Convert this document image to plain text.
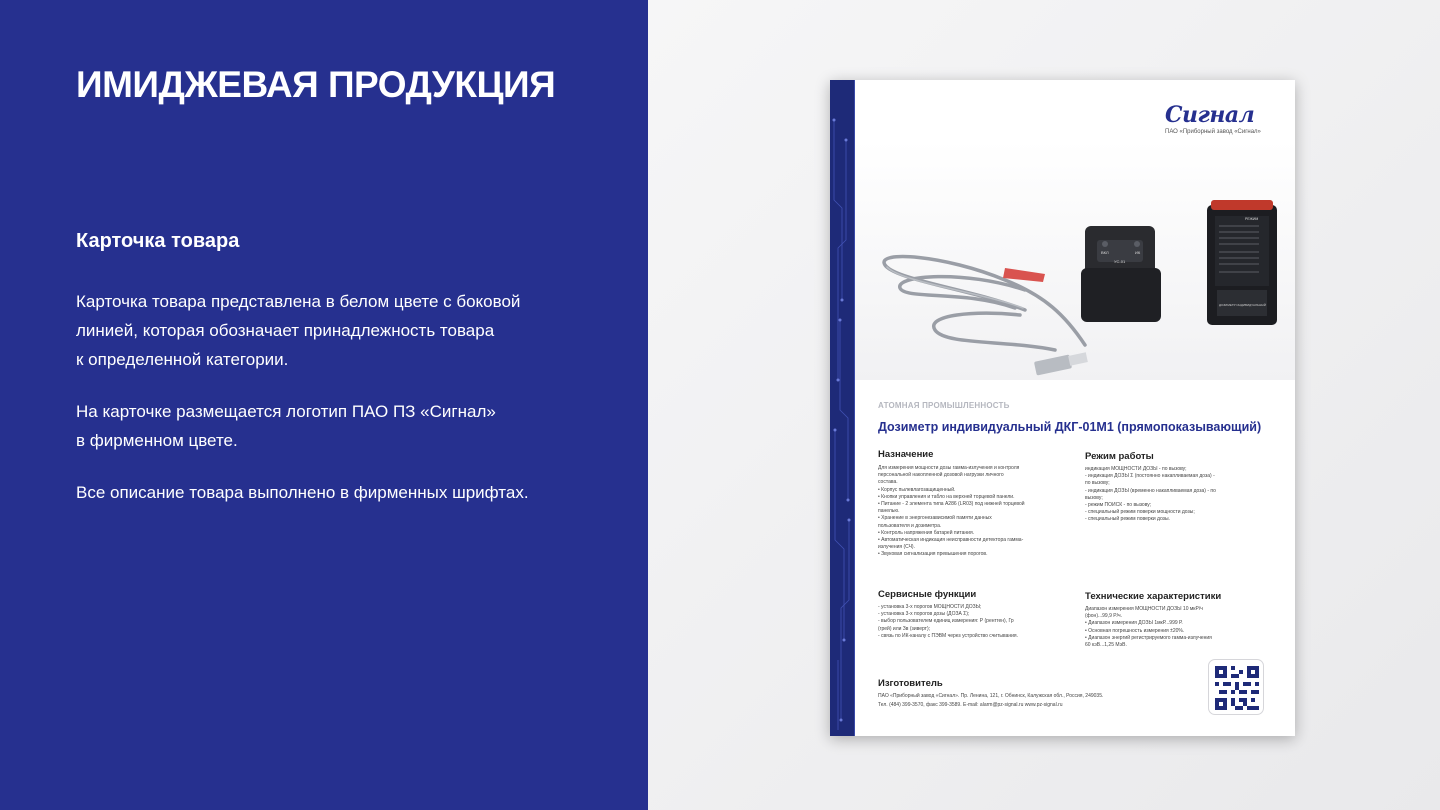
ИМИДЖЕВАЯ ПРОДУКЦИЯ
Карточка товара
Карточка товара представлена в белом цвете с боковой
линией, которая обозначает принадлежность товара
к определенной категории.
На карточке размещается логотип ПАО ПЗ «Сигнал»
в фирменном цвете.
Все описание товара выполнено в фирменных шрифтах.
Сигнал
ПАО «Приборный завод «Сигнал»
ВКЛ	ИК
УС-01
РЕЖИМ
ДОЗИМЕТР ИНДИВИДУАЛЬНЫЙ
АТОМНАЯ ПРОМЫШЛЕННОСТЬ
Дозиметр индивидуальный ДКГ-01М1 (прямопоказывающий)
Назначение
Для измерения мощности дозы гамма-излучения и контроля
персональной накопленной дозовой нагрузки личного
состава.
• Корпус пылевлагозащищенный.
• Кнопки управления и табло на верхней торцевой панели.
• Питание - 2 элемента типа A286 (LR03) под нижней торцевой
панелью.
• Хранение в энергонезависимой памяти данных
пользователя и дозиметра.
• Контроль напряжения батарей питания.
• Автоматическая индикация неисправности детектора гамма-
излучения (СЧ).
• Звуковая сигнализация превышения порогов.
Режим работы
индикация МОЩНОСТИ ДОЗЫ - по вызову;
- индикация ДОЗЫ Σ (постоянно накапливаемая доза) -
по вызову;
- индикация ДОЗЫ (временно накапливаемая доза) - по
вызову;
- режим ПОИСК - по вызову;
- специальный режим поверки мощности дозы;
- специальный режим поверки дозы.
Сервисные функции
- установка 3-х порогов МОЩНОСТИ ДОЗЫ;
- установка 3-х порогов дозы (ДОЗА Σ);
- выбор пользователем единиц измерения: Р (рентген), Гр
(грей) или Зв (зиверт);
- связь по ИК-каналу с ПЭВМ через устройство считывания.
Технические характеристики
Диапазон измерения МОЩНОСТИ ДОЗЫ 10 мкР/ч
(фон)...99,9 Р/ч.
• Диапазон измерения ДОЗЫ 1мкР...999 Р.
• Основная погрешность измерения ±20%.
• Диапазон энергий регистрируемого гамма-излучения
60 кэВ...1,25 МэВ.
Изготовитель
ПАО «Приборный завод «Сигнал». Пр. Ленина, 121, г. Обнинск, Калужская обл., Россия, 249035.
Тел. (484) 399-3570, факс 399-3589. E-mail: alarm@pz-signal.ru www.pz-signal.ru
